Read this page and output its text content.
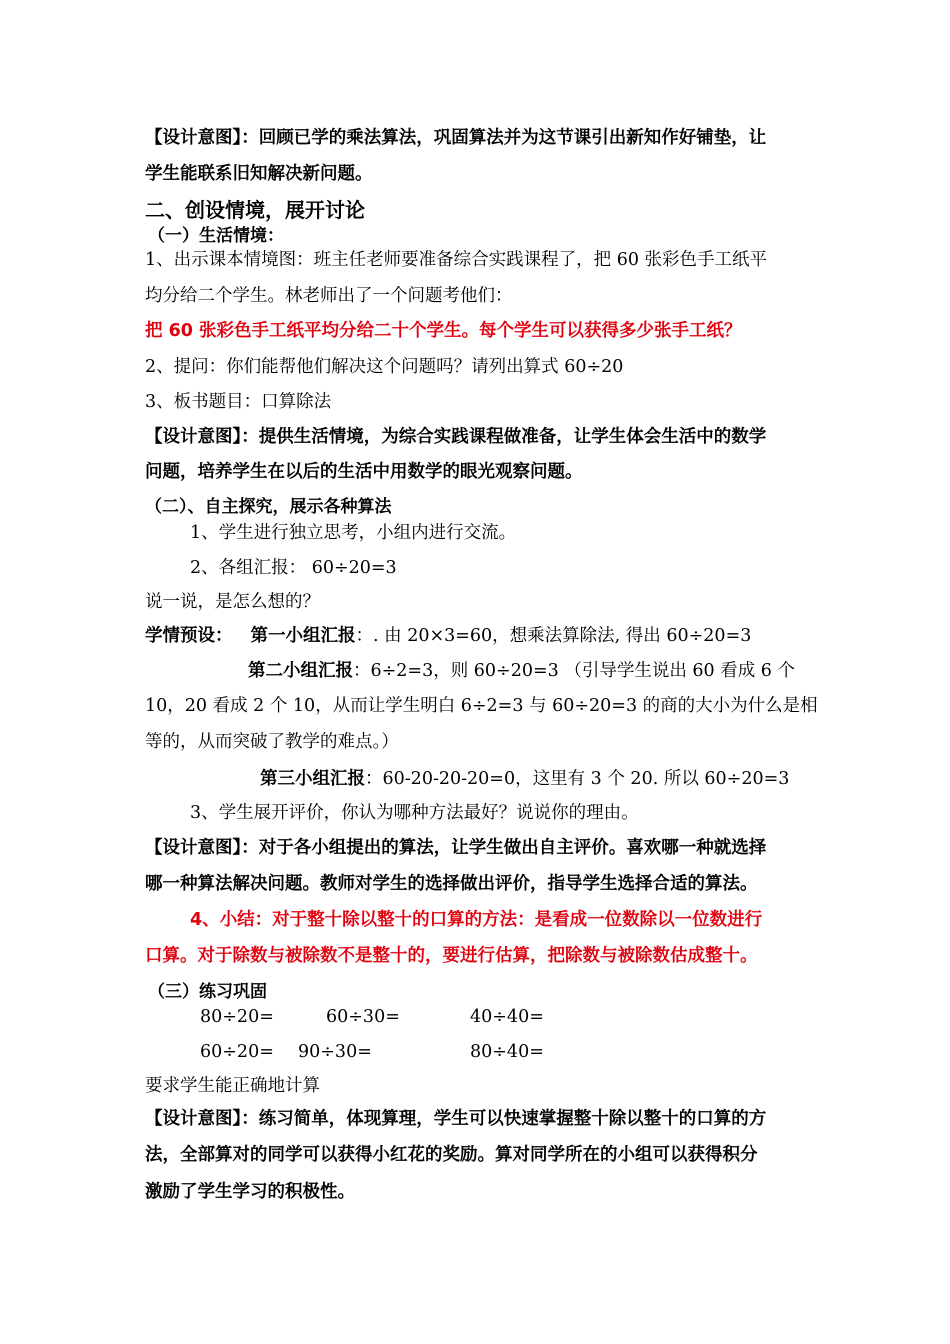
【设计意图】：回顾已学的乘法算法，巩固算法并为这节课引出新知作好铺垫，让
学生能联系旧知解决新问题。
二、创设情境，展开讨论
（一）生活情境：
1、出示课本情境图：班主任老师要准备综合实践课程了，把 60 张彩色手工纸平
均分给二个学生。林老师出了一个问题考他们：
把 60 张彩色手工纸平均分给二十个学生。每个学生可以获得多少张手工纸？
2、提问：你们能帮他们解决这个问题吗？请列出算式 60÷20
3、板书题目：口算除法
【设计意图】：提供生活情境，为综合实践课程做准备，让学生体会生活中的数学
问题，培养学生在以后的生活中用数学的眼光观察问题。
（二）、自主探究，展示各种算法
1、学生进行独立思考，小组内进行交流。
2、各组汇报： 60÷20=3
说一说，是怎么想的？
学情预设： 第一小组汇报：. 由 20×3=60，想乘法算除法, 得出 60÷20=3
第二小组汇报：6÷2=3，则 60÷20=3 （引导学生说出 60 看成 6 个
10，20 看成 2 个 10，从而让学生明白 6÷2=3 与 60÷20=3 的商的大小为什么是相
等的，从而突破了教学的难点。）
第三小组汇报：60-20-20-20=0，这里有 3 个 20. 所以 60÷20=3
3、学生展开评价，你认为哪种方法最好？说说你的理由。
【设计意图】：对于各小组提出的算法，让学生做出自主评价。喜欢哪一种就选择
哪一种算法解决问题。教师对学生的选择做出评价，指导学生选择合适的算法。
4、小结：对于整十除以整十的口算的方法：是看成一位数除以一位数进行
口算。对于除数与被除数不是整十的，要进行估算，把除数与被除数估成整十。
（三）练习巩固
80÷20=	60÷30=	40÷40=
60÷20= 90÷30=	80÷40=
要求学生能正确地计算
【设计意图】：练习简单，体现算理，学生可以快速掌握整十除以整十的口算的方
法，全部算对的同学可以获得小红花的奖励。算对同学所在的小组可以获得积分
激励了学生学习的积极性。
